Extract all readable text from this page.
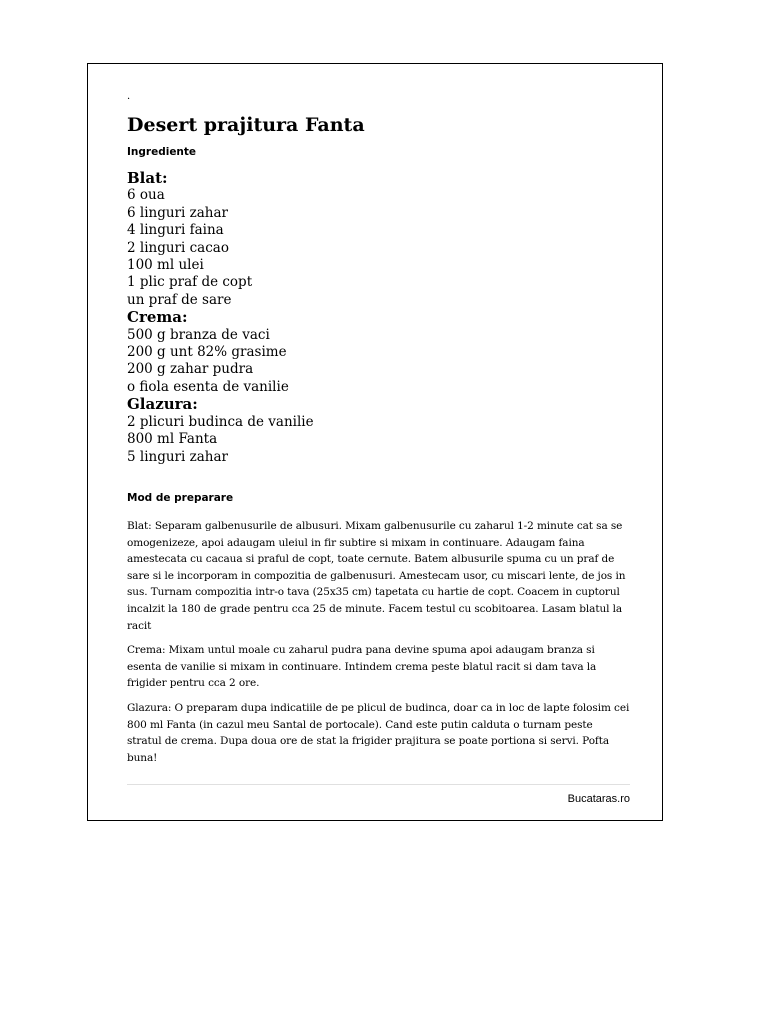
·
Desert prajitura Fanta
Ingrediente
Blat:
6 oua
6 linguri zahar
4 linguri faina
2 linguri cacao
100 ml ulei
1 plic praf de copt
un praf de sare
Crema:
500 g branza de vaci
200 g unt 82% grasime
200 g zahar pudra
o fiola esenta de vanilie
Glazura:
2 plicuri budinca de vanilie
800 ml Fanta
5 linguri zahar
Mod de preparare

Blat: Separam galbenusurile de albusuri. Mixam galbenusurile cu zaharul 1-2 minute cat sa se omogenizeze, apoi adaugam uleiul in fir subtire si mixam in continuare. Adaugam faina amestecata cu cacaua si praful de copt, toate cernute. Batem albusurile spuma cu un praf de sare si le incorporam in compozitia de galbenusuri. Amestecam usor, cu miscari lente, de jos in sus. Turnam compozitia intr-o tava (25x35 cm) tapetata cu hartie de copt. Coacem in cuptorul incalzit la 180 de grade pentru cca 25 de minute. Facem testul cu scobitoarea. Lasam blatul la racit

Crema: Mixam untul moale cu zaharul pudra pana devine spuma apoi adaugam branza si esenta de vanilie si mixam in continuare. Intindem crema peste blatul racit si dam tava la frigider pentru cca 2 ore.

Glazura: O preparam dupa indicatiile de pe plicul de budinca, doar ca in loc de lapte folosim cei 800 ml Fanta (in cazul meu Santal de portocale). Cand este putin calduta o turnam peste stratul de crema. Dupa doua ore de stat la frigider prajitura se poate portiona si servi. Pofta buna!

Bucataras.ro
